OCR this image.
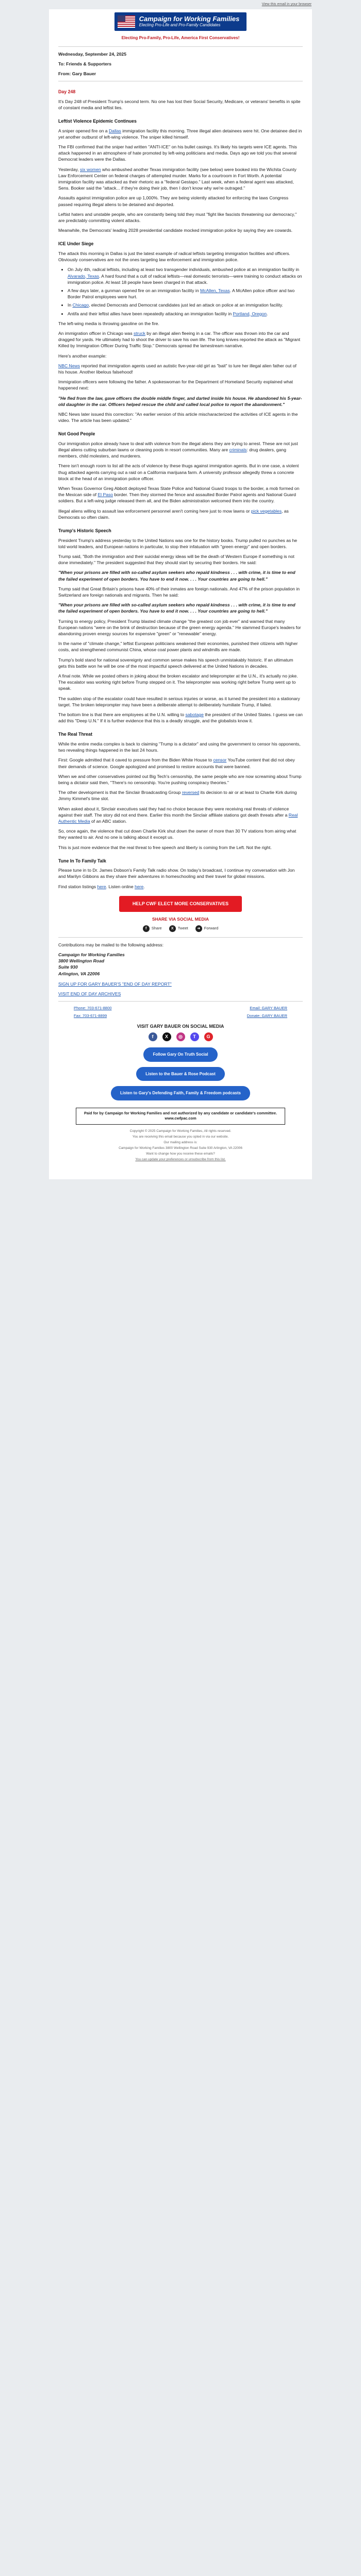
View this email in your browser
Campaign for Working Families
Electing Pro-Life and Pro-Family Candidates
Electing Pro-Family, Pro-Life, America First Conservatives!

Wednesday, September 24, 2025

To: Friends & Supporters

From: Gary Bauer

Day 248

It's Day 248 of President Trump's second term. No one has lost their Social Security, Medicare, or veterans' benefits in spite of constant media and leftist lies.

Leftist Violence Epidemic Continues

A sniper opened fire on a Dallas immigration facility this morning. Three illegal alien detainees were hit. One detainee died in yet another outburst of left-wing violence. The sniper killed himself.

The FBI confirmed that the sniper had written "ANTI-ICE" on his bullet casings. It's likely his targets were ICE agents. This attack happened in an atmosphere of hate promoted by left-wing politicians and media. Days ago we told you that several Democrat leaders were the Dallas.

Yesterday, six women who ambushed another Texas immigration facility (see below) were booked into the Wichita County Law Enforcement Center on federal charges of attempted murder. Marks for a courtroom in Fort Worth. A potential immigration facility was attacked as their rhetoric as a "federal Gestapo." Last week, when a federal agent was attacked, Sens. Booker said the "attack... if they're doing their job, then I don't know why we're outraged."

Assaults against immigration police are up 1,000%. They are being violently attacked for enforcing the laws Congress passed requiring illegal aliens to be detained and deported.

Leftist haters and unstable people, who are constantly being told they must "fight like fascists threatening our democracy," are predictably committing violent attacks.

Meanwhile, the Democrats' leading 2028 presidential candidate mocked immigration police by saying they are cowards.

ICE Under Siege

The attack this morning in Dallas is just the latest example of radical leftists targeting immigration facilities and officers. Obviously conservatives are not the ones targeting law enforcement and immigration police.

• On July 4th, radical leftists, including at least two transgender individuals, ambushed police at an immigration facility in Alvarado, Texas. A hard found that a cult of radical leftists—real domestic terrorists—were training to conduct attacks on immigration police. At least 18 people have been charged in that attack.
• A few days later, a gunman opened fire on an immigration facility in McAllen, Texas. A McAllen police officer and two Border Patrol employees were hurt.
• In Chicago, elected Democrats and Democrat candidates just led an attack on police at an immigration facility.
• Antifa and their leftist allies have been repeatedly attacking an immigration facility in Portland, Oregon.

The left-wing media is throwing gasoline on the fire.

An immigration officer in Chicago was struck by an illegal alien fleeing in a car. The officer was thrown into the car and dragged for yards. He ultimately had to shoot the driver to save his own life. The long knives reported the attack as "Migrant Killed by Immigration Officer During Traffic Stop." Democrats spread the lamestream narrative.

Here's another example:

NBC News reported that immigration agents used an autistic five-year-old girl as "bait" to lure her illegal alien father out of his house. Another libelous falsehood!

Immigration officers were following the father. A spokeswoman for the Department of Homeland Security explained what happened next:

"He fled from the law, gave officers the double middle finger, and darted inside his house. He abandoned his 5-year-old daughter in the car. Officers helped rescue the child and called local police to report the abandonment."

NBC News later issued this correction: "An earlier version of this article mischaracterized the activities of ICE agents in the video. The article has been updated."

Not Good People

Our immigration police already have to deal with violence from the illegal aliens they are trying to arrest. These are not just illegal aliens cutting suburban lawns or cleaning pools in resort communities. Many are criminals: drug dealers, gang members, child molesters, and murderers.

There isn't enough room to list all the acts of violence by these thugs against immigration agents. But in one case, a violent thug attacked agents carrying out a raid on a California marijuana farm. A university professor allegedly threw a concrete block at the head of an immigration police officer.

When Texas Governor Greg Abbott deployed Texas State Police and National Guard troops to the border, a mob formed on the Mexican side of El Paso border. Then they stormed the fence and assaulted Border Patrol agents and National Guard soldiers. But a left-wing judge released them all, and the Biden administration welcomed them into the country.

Illegal aliens willing to assault law enforcement personnel aren't coming here just to mow lawns or pick vegetables, as Democrats so often claim.

Trump's Historic Speech

President Trump's address yesterday to the United Nations was one for the history books. Trump pulled no punches as he told world leaders, and European nations in particular, to stop their infatuation with "green energy" and open borders.

Trump said, "Both the immigration and their suicidal energy ideas will be the death of Western Europe if something is not done immediately." The president suggested that they should start by securing their borders. He said:

"When your prisons are filled with so-called asylum seekers who repaid kindness . . . with crime, it is time to end the failed experiment of open borders. You have to end it now. . . . Your countries are going to hell."

Trump said that Great Britain's prisons have 40% of their inmates are foreign nationals. And 47% of the prison population in Switzerland are foreign nationals and migrants. Then he said:

"When your prisons are filled with so-called asylum seekers who repaid kindness . . . with crime, it is time to end the failed experiment of open borders. You have to end it now. . . . Your countries are going to hell."

Turning to energy policy, President Trump blasted climate change "the greatest con job ever" and warned that many European nations "were on the brink of destruction because of the green energy agenda." He slammed Europe's leaders for abandoning proven energy sources for expensive "green" or "renewable" energy.

In the name of "climate change," leftist European politicians weakened their economies, punished their citizens with higher costs, and strengthened communist China, whose coal power plants and windmills are made.

Trump's bold stand for national sovereignty and common sense makes his speech unmistakably historic. If an ultimatum gets this battle won he will be one of the most impactful speech delivered at the United Nations in decades.

A final note. While we posted others in joking about the broken escalator and teleprompter at the U.N., it's actually no joke. The escalator was working right before Trump stepped on it. The teleprompter was working right before Trump went up to speak.

The sudden stop of the escalator could have resulted in serious injuries or worse, as it turned the president into a stationary target. The broken teleprompter may have been a deliberate attempt to deliberately humiliate Trump, if failed.

The bottom line is that there are employees at the U.N. willing to sabotage the president of the United States. I guess we can add this "Deep U.N." If it is further evidence that this is a deadly struggle, and the globalists know it.

The Real Threat

While the entire media complex is back to claiming "Trump is a dictator" and using the government to censor his opponents, two revealing things happened in the last 24 hours.

First: Google admitted that it caved to pressure from the Biden White House to censor YouTube content that did not obey their demands of science. Google apologized and promised to restore accounts that were banned.

When we and other conservatives pointed out Big Tech's censorship, the same people who are now screaming about Trump being a dictator said then, "There's no censorship. You're pushing conspiracy theories."

The other development is that the Sinclair Broadcasting Group reversed its decision to air or at least to Charlie Kirk during Jimmy Kimmel's time slot.

When asked about it, Sinclair executives said they had no choice because they were receiving real threats of violence against their staff. The story did not end there. Earlier this month the Sinclair affiliate stations got death threats after a Real Authentic Media of an ABC station.

So, once again, the violence that cut down Charlie Kirk shut down the owner of more than 30 TV stations from airing what they wanted to air. And no one is talking about it except us.

This is just more evidence that the real threat to free speech and liberty is coming from the Left. Not the right.

Tune In To Family Talk

Please tune in to Dr. James Dobson's Family Talk radio show. On today's broadcast, I continue my conversation with Jon and Marilyn Gibbons as they share their adventures in homeschooling and their travel for global missions.

Find station listings here. Listen online here.

HELP CWF ELECT MORE CONSERVATIVES
SHARE VIA SOCIAL MEDIA
f	Share	X	Tweet	➜	Forward

Contributions may be mailed to the following address:

Campaign for Working Families

3800 Wellington Road

Suite 930

Arlington, VA 22006

SIGN UP FOR GARY BAUER'S "END OF DAY REPORT"

VISIT END OF DAY ARCHIVES

Phone: 703-671-8800	Email: GARY BAUER
Fax: 703-671-8899	Donate: GARY BAUER
VISIT GARY BAUER ON SOCIAL MEDIA
f	X	◎	T	G
Follow Gary On Truth Social
Listen to the Bauer & Rose Podcast
Listen to Gary's Defending Faith, Family & Freedom podcasts
Paid for by Campaign for Working Families and not authorized by any candidate or candidate's committee. www.cwfpac.com

Copyright © 2025 Campaign for Working Families, All rights reserved.

You are receiving this email because you opted in via our website.

Our mailing address is:

Campaign for Working Families 3800 Wellington Road Suite 930 Arlington, VA 22006

Want to change how you receive these emails?

You can update your preferences or unsubscribe from this list.
